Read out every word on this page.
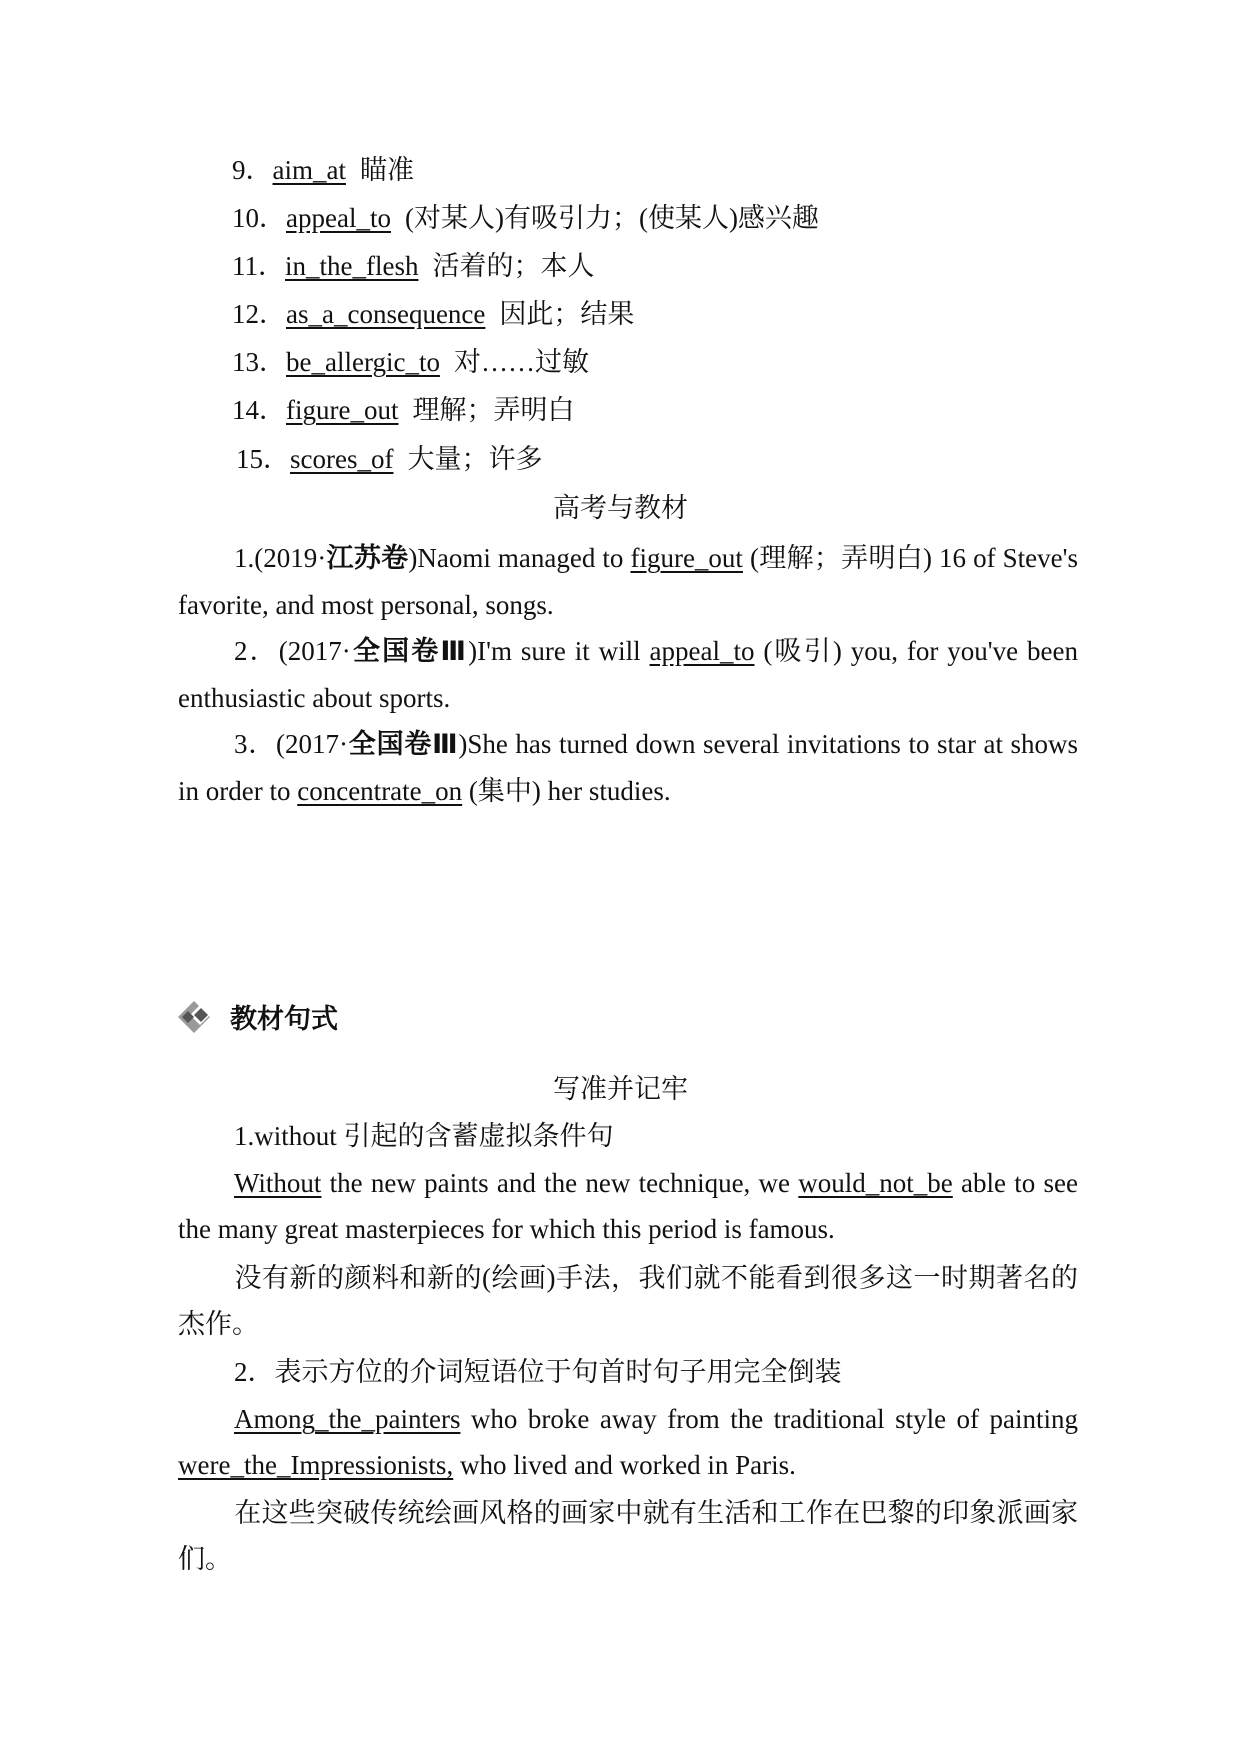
9．aim_at 瞄准
10．appeal_to (对某人)有吸引力；(使某人)感兴趣
11．in_the_flesh 活着的；本人
12．as_a_consequence 因此；结果
13．be_allergic_to 对……过敏
14．figure_out 理解；弄明白
15．scores_of 大量；许多
高考与教材
1.(2019·江苏卷)Naomi managed to figure_out (理解；弄明白) 16 of Steve's favorite, and most personal, songs.
2．(2017·全国卷Ⅲ)I'm sure it will appeal_to (吸引) you, for you've been enthusiastic about sports.
3．(2017·全国卷Ⅲ)She has turned down several invitations to star at shows in order to concentrate_on (集中) her studies.
教材句式
写准并记牢
1.without 引起的含蓄虚拟条件句
Without the new paints and the new technique, we would_not_be able to see the many great masterpieces for which this period is famous.
没有新的颜料和新的(绘画)手法，我们就不能看到很多这一时期著名的杰作。
2．表示方位的介词短语位于句首时句子用完全倒装
Among_the_painters who broke away from the traditional style of painting were_the_Impressionists, who lived and worked in Paris.
在这些突破传统绘画风格的画家中就有生活和工作在巴黎的印象派画家们。
